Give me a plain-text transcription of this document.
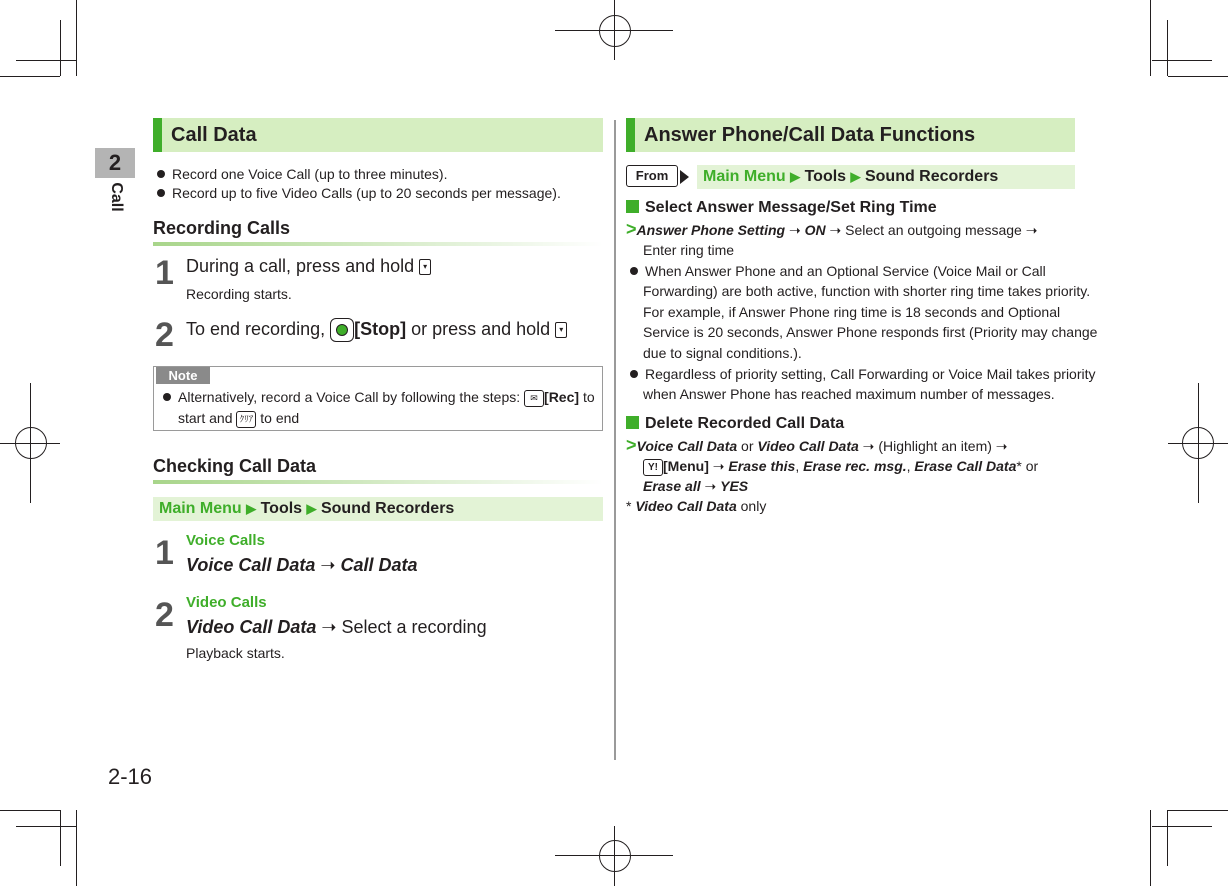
2
Call
Call Data
Record one Voice Call (up to three minutes).
Record up to five Video Calls (up to 20 seconds per message).
Recording Calls
1 During a call, press and hold ▾
Recording starts.
2 To end recording, [Stop] or press and hold ▾
Note
Alternatively, record a Voice Call by following the steps: ✉ [Rec] to
start and ｸﾘｱ to end
Checking Call Data
Main Menu ▶ Tools ▶ Sound Recorders
1 Voice Calls
Voice Call Data ➝ Call Data
2 Video Calls
Video Call Data ➝ Select a recording
Playback starts.
2-16
Answer Phone/Call Data Functions
From	Main Menu ▶ Tools ▶ Sound Recorders
Select Answer Message/Set Ring Time
>Answer Phone Setting ➝ ON ➝ Select an outgoing message ➝
Enter ring time
When Answer Phone and an Optional Service (Voice Mail or Call
Forwarding) are both active, function with shorter ring time takes priority.
For example, if Answer Phone ring time is 18 seconds and Optional
Service is 20 seconds, Answer Phone responds first (Priority may change
due to signal conditions.).
Regardless of priority setting, Call Forwarding or Voice Mail takes priority
when Answer Phone has reached maximum number of messages.
Delete Recorded Call Data
>Voice Call Data or Video Call Data ➝ (Highlight an item) ➝
Y! [Menu] ➝ Erase this, Erase rec. msg., Erase Call Data* or
Erase all ➝ YES
* Video Call Data only
